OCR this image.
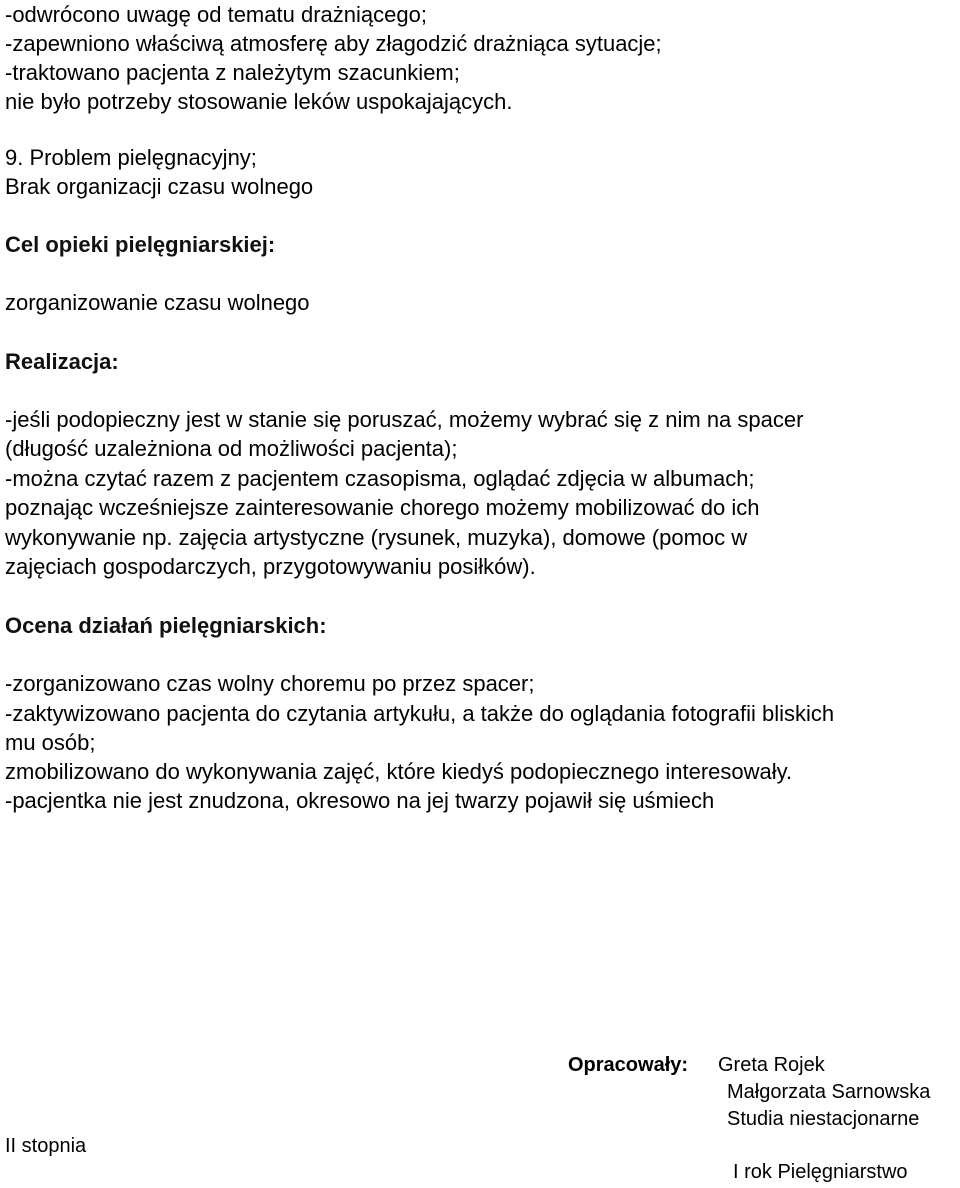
-odwrócono uwagę od tematu drażniącego;

-zapewniono właściwą atmosferę aby złagodzić drażniąca sytuacje;

-traktowano pacjenta z należytym szacunkiem;

nie było potrzeby stosowanie leków uspokajających.

9. Problem pielęgnacyjny;

Brak organizacji czasu wolnego

Cel opieki pielęgniarskiej:

zorganizowanie czasu wolnego

Realizacja:

-jeśli podopieczny jest w stanie się poruszać, możemy wybrać się z nim na spacer

(długość uzależniona od możliwości pacjenta);

-można czytać razem z pacjentem czasopisma, oglądać zdjęcia w albumach;

poznając wcześniejsze zainteresowanie chorego możemy mobilizować do ich

wykonywanie np. zajęcia artystyczne (rysunek, muzyka), domowe (pomoc w

zajęciach gospodarczych, przygotowywaniu posiłków).

Ocena działań pielęgniarskich:

-zorganizowano czas wolny choremu po przez spacer;

-zaktywizowano pacjenta do czytania artykułu, a także do oglądania fotografii bliskich

mu osób;

zmobilizowano do wykonywania zajęć, które kiedyś podopiecznego interesowały.

-pacjentka nie jest znudzona, okresowo na jej twarzy pojawił się uśmiech

Opracowały: Greta Rojek
Małgorzata Sarnowska
Studia niestacjonarne
II stopnia
I rok Pielęgniarstwo
